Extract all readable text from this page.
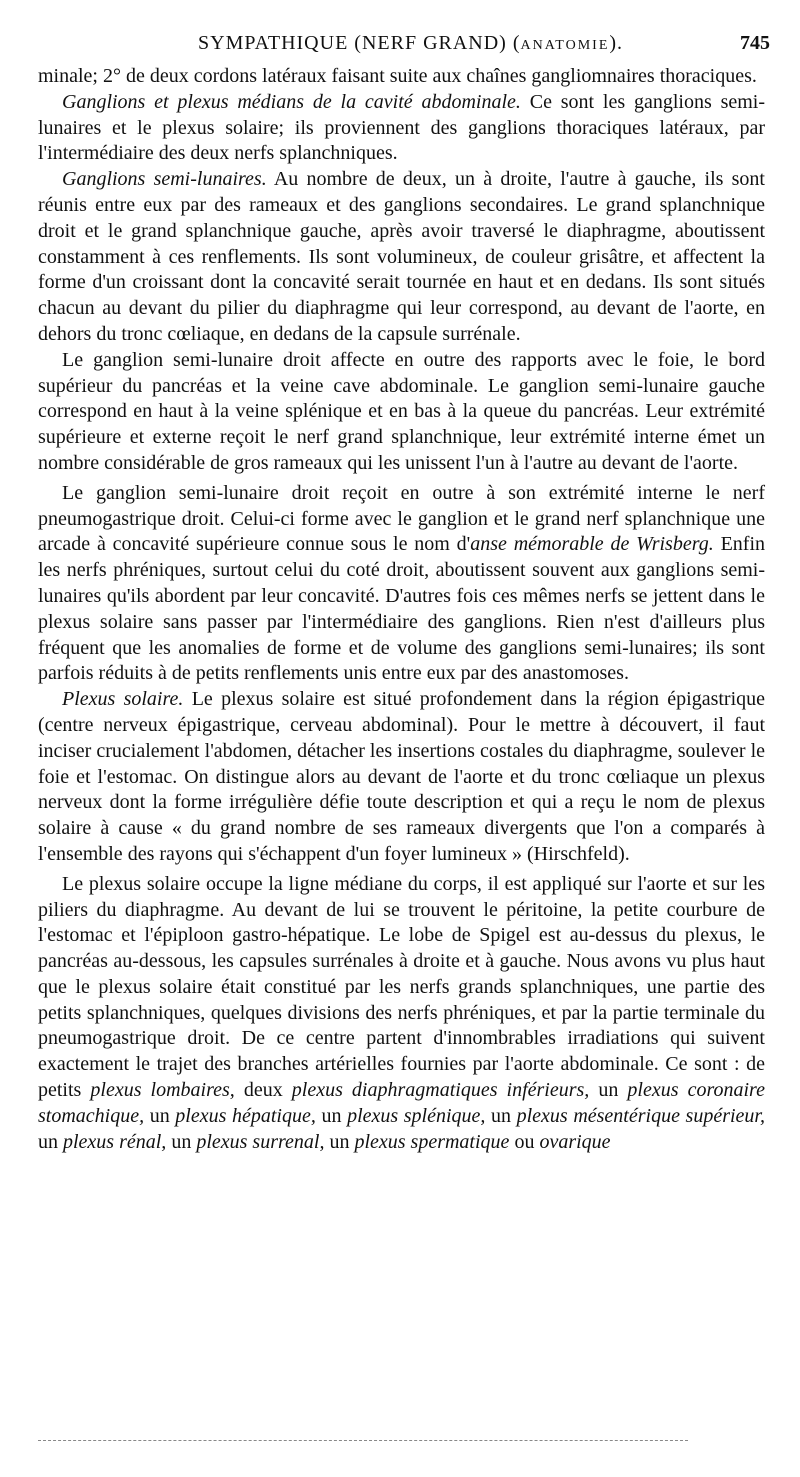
SYMPATHIQUE (NERF GRAND) (ANATOMIE).	745

minale; 2° de deux cordons latéraux faisant suite aux chaînes gangliomnaires thoraciques.

Ganglions et plexus médians de la cavité abdominale. Ce sont les ganglions semi-lunaires et le plexus solaire; ils proviennent des ganglions thoraciques latéraux, par l'intermédiaire des deux nerfs splanchniques.

Ganglions semi-lunaires. Au nombre de deux, un à droite, l'autre à gauche, ils sont réunis entre eux par des rameaux et des ganglions secondaires. Le grand splanchnique droit et le grand splanchnique gauche, après avoir traversé le diaphragme, aboutissent constamment à ces renflements. Ils sont volumineux, de couleur grisâtre, et affectent la forme d'un croissant dont la concavité serait tournée en haut et en dedans. Ils sont situés chacun au devant du pilier du diaphragme qui leur correspond, au devant de l'aorte, en dehors du tronc cœliaque, en dedans de la capsule surrénale.

Le ganglion semi-lunaire droit affecte en outre des rapports avec le foie, le bord supérieur du pancréas et la veine cave abdominale. Le ganglion semi-lunaire gauche correspond en haut à la veine splénique et en bas à la queue du pancréas. Leur extrémité supérieure et externe reçoit le nerf grand splanchnique, leur extrémité interne émet un nombre considérable de gros rameaux qui les unissent l'un à l'autre au devant de l'aorte.

Le ganglion semi-lunaire droit reçoit en outre à son extrémité interne le nerf pneumogastrique droit. Celui-ci forme avec le ganglion et le grand nerf splanchnique une arcade à concavité supérieure connue sous le nom d'anse mémorable de Wrisberg. Enfin les nerfs phréniques, surtout celui du coté droit, aboutissent souvent aux ganglions semi-lunaires qu'ils abordent par leur concavité. D'autres fois ces mêmes nerfs se jettent dans le plexus solaire sans passer par l'intermédiaire des ganglions. Rien n'est d'ailleurs plus fréquent que les anomalies de forme et de volume des ganglions semi-lunaires; ils sont parfois réduits à de petits renflements unis entre eux par des anastomoses.

Plexus solaire. Le plexus solaire est situé profondement dans la région épigastrique (centre nerveux épigastrique, cerveau abdominal). Pour le mettre à découvert, il faut inciser crucialement l'abdomen, détacher les insertions costales du diaphragme, soulever le foie et l'estomac. On distingue alors au devant de l'aorte et du tronc cœliaque un plexus nerveux dont la forme irrégulière défie toute description et qui a reçu le nom de plexus solaire à cause « du grand nombre de ses rameaux divergents que l'on a comparés à l'ensemble des rayons qui s'échappent d'un foyer lumineux » (Hirschfeld).

Le plexus solaire occupe la ligne médiane du corps, il est appliqué sur l'aorte et sur les piliers du diaphragme. Au devant de lui se trouvent le péritoine, la petite courbure de l'estomac et l'épiploon gastro-hépatique. Le lobe de Spigel est au-dessus du plexus, le pancréas au-dessous, les capsules surrénales à droite et à gauche. Nous avons vu plus haut que le plexus solaire était constitué par les nerfs grands splanchniques, une partie des petits splanchniques, quelques divisions des nerfs phréniques, et par la partie terminale du pneumogastrique droit. De ce centre partent d'innombrables irradiations qui suivent exactement le trajet des branches artérielles fournies par l'aorte abdominale. Ce sont : de petits plexus lombaires, deux plexus diaphragmatiques inférieurs, un plexus coronaire stomachique, un plexus hépatique, un plexus splénique, un plexus mésentérique supérieur, un plexus rénal, un plexus surrenal, un plexus spermatique ou ovarique
